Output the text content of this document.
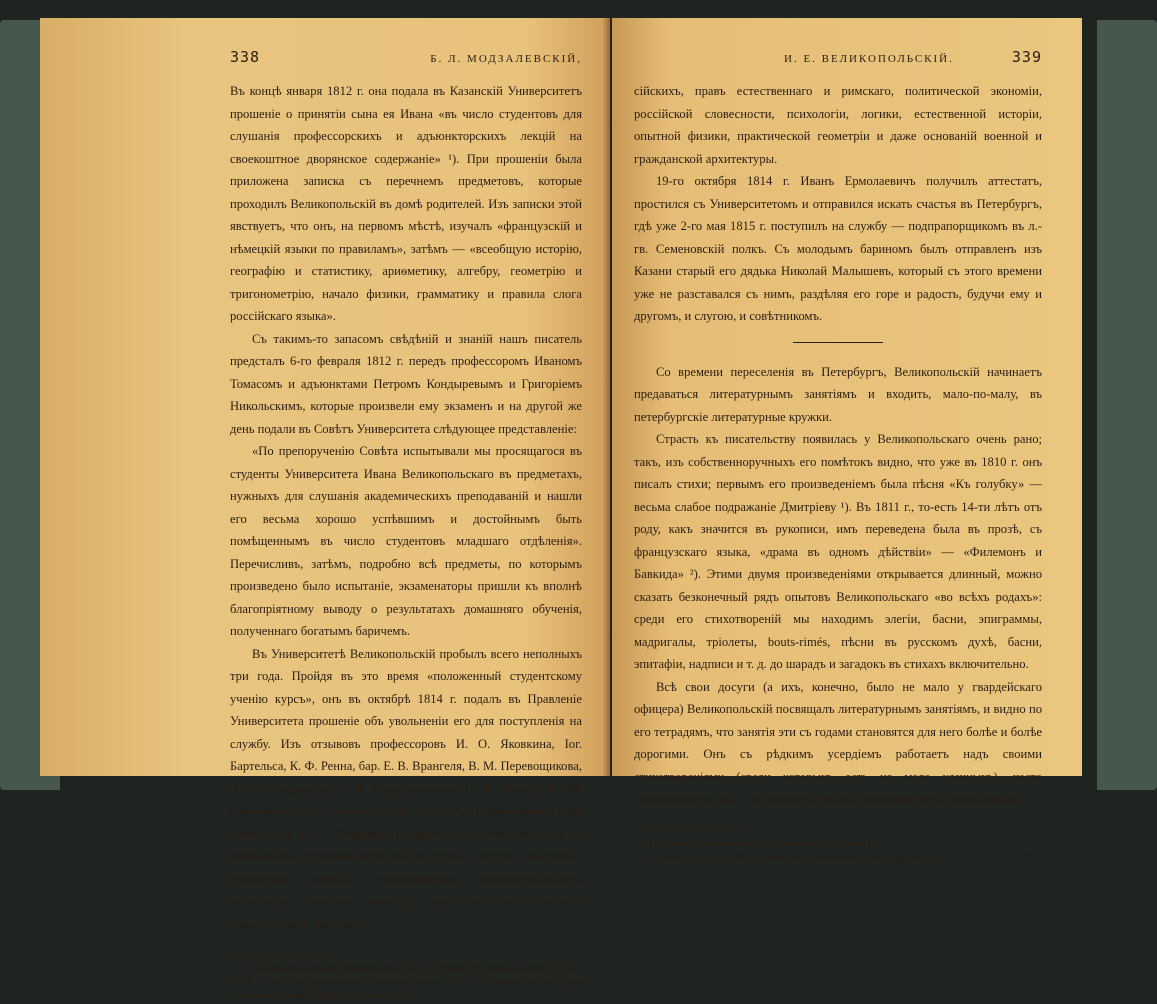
338	Б. Л. МОДЗАЛЕВСКІЙ,

Въ концѣ января 1812 г. она подала въ Казанскій Университетъ прошеніе о принятіи сына ея Ивана «въ число студентовъ для слушанія профессорскихъ и адъюнкторскихъ лекцій на своекоштное дворянское содержаніе» ¹). При прошеніи была приложена записка съ перечнемъ предметовъ, которые проходилъ Великопольскій въ домѣ родителей. Изъ записки этой явствуетъ, что онъ, на первомъ мѣстѣ, изучалъ «французскій и нѣмецкій языки по правиламъ», затѣмъ — «всеобщую исторію, географію и статистику, ариѳметику, алгебру, геометрію и тригонометрію, начало физики, грамматику и правила слога россійскаго языка».

Съ такимъ-то запасомъ свѣдѣній и знаній нашъ писатель предсталъ 6-го февраля 1812 г. передъ профессоромъ Иваномъ Томасомъ и адъюнктами Петромъ Кондыревымъ и Григоріемъ Никольскимъ, которые произвели ему экзаменъ и на другой же день подали въ Совѣтъ Университета слѣдующее представленіе:

«По препорученію Совѣта испытывали мы просящагося въ студенты Университета Ивана Великопольскаго въ предметахъ, нужныхъ для слушанія академическихъ преподаваній и нашли его весьма хорошо успѣвшимъ и достойнымъ быть помѣщеннымъ въ число студентовъ младшаго отдѣленія». Перечисливъ, затѣмъ, подробно всѣ предметы, по которымъ произведено было испытаніе, экзаменаторы пришли къ вполнѣ благопріятному выводу о результатахъ домашняго обученія, полученнаго богатымъ баричемъ.

Въ Университетѣ Великопольскій пробылъ всего неполныхъ три года. Пройдя въ это время «положенный студентскому ученію курсъ», онъ въ октябрѣ 1814 г. подалъ въ Правленіе Университета прошеніе объ увольненіи его для поступленія на службу. Изъ отзывовъ профессоровъ И. О. Яковкина, Іог. Бартельса, К. Ф. Реннa, бар. Е. В. Врангеля, В. М. Перевощикова, П. С. Кондырева, Г. Н. Городчанинова, П. Г. Томаса, И. М. Симонова, А. С. Лубкина, К. Ѳ. Фукса, А. В. Кайсарова, Н. М. Алехина и С. С. Петровскаго видно, что Великопольскій съ отмѣнными успѣхами прослушалъ курсы: исторіи, географіи, статистики, алгебры, тригонометріи, дифференціальнаго исчисленія, политики, геометріи, россійскаго и уголовнаго права, исторіи правъ рос-

1) Архивъ Казанскаго Университета: дѣло о студентѣ Великопольскомъ 1812—1814 г.; копія съ документовъ получены мною отъ А. И. Михайловскаго при любезномъ содѣйствіи Вс. И. Срезневскаго.

И. Е. ВЕЛИКОПОЛЬСКІЙ.	339

сійскихъ, правъ естественнаго и римскаго, политической экономіи, россійской словесности, психологіи, логики, естественной исторіи, опытной физики, практической геометріи и даже основаній военной и гражданской архитектуры.

19-го октября 1814 г. Иванъ Ермолаевичъ получилъ аттестатъ, простился съ Университетомъ и отправился искать счастья въ Петербургъ, гдѣ уже 2-го мая 1815 г. поступилъ на службу — подпрапорщикомъ въ л.-гв. Семеновскій полкъ. Съ молодымъ бариномъ былъ отправленъ изъ Казани старый его дядька Николай Малышевъ, который съ этого времени уже не разставался съ нимъ, раздѣляя его горе и радость, будучи ему и другомъ, и слугою, и совѣтникомъ.

Со времени переселенія въ Петербургъ, Великопольскій начинаетъ предаваться литературнымъ занятіямъ и входить, мало-по-малу, въ петербургскіе литературные кружки.

Страсть къ писательству появилась у Великопольскаго очень рано; такъ, изъ собственноручныхъ его помѣтокъ видно, что уже въ 1810 г. онъ писалъ стихи; первымъ его произведеніемъ была пѣсня «Къ голубку» — весьма слабое подражаніе Дмитріеву ¹). Въ 1811 г., то-есть 14-ти лѣтъ отъ роду, какъ значится въ рукописи, имъ переведена была въ прозѣ, съ французскаго языка, «драма въ одномъ дѣйствіи» — «Филемонъ и Бавкида» ²). Этими двумя произведеніями открывается длинный, можно сказать безконечный рядъ опытовъ Великопольскаго «во всѣхъ родахъ»: среди его стихотвореній мы находимъ элегіи, басни, эпиграммы, мадригалы, тріолеты, bouts-rimés, пѣсни въ русскомъ духѣ, басни, эпитафіи, надписи и т. д. до шарадъ и загадокъ въ стихахъ включительно.

Всѣ свои досуги (а ихъ, конечно, было не мало у гвардейскаго офицера) Великопольскій посвящалъ литературнымъ занятіямъ, и видно по его тетрадямъ, что занятія эти съ годами становятся для него болѣе и болѣе дорогими. Онъ съ рѣдкимъ усердіемъ работаетъ надъ своими стихотвореніями (среди которыхъ есть не мало удачныхъ), часто перечитываетъ ихъ, и на многихъ пiесахъ молодыхъ лѣтъ, написанныхъ

1) Рукописный сборникъ «Мои досуги», стр. 40—41.

2) Тамъ же, стр. 5—38 и «Опыты въ словесности», тетр. I (рукоп.).	22*
